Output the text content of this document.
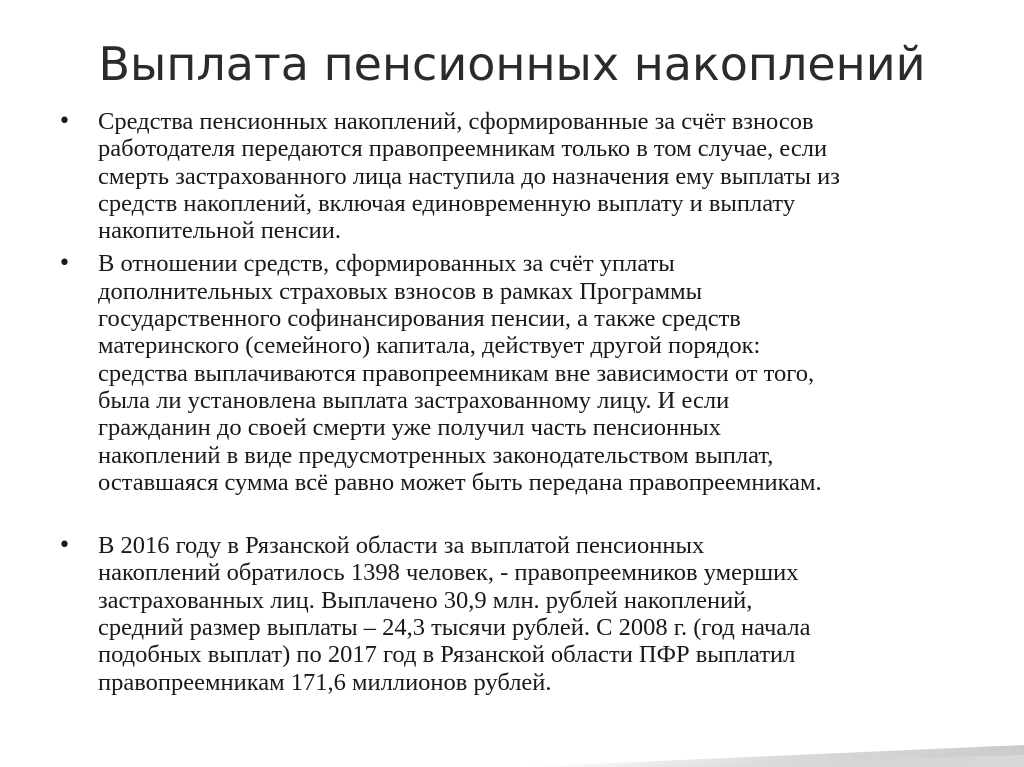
Выплата пенсионных накоплений
•	Средства пенсионных накоплений, сформированные за счёт взносов
работодателя передаются правопреемникам только в том случае, если
смерть застрахованного лица наступила до назначения ему выплаты из
средств накоплений, включая единовременную выплату и выплату
накопительной пенсии.
•	В отношении средств, сформированных за счёт уплаты
дополнительных страховых взносов в рамках Программы
государственного софинансирования пенсии, а также средств
материнского (семейного) капитала, действует другой порядок:
средства выплачиваются правопреемникам вне зависимости от того,
была ли установлена выплата застрахованному лицу. И если
гражданин до своей смерти уже получил часть пенсионных
накоплений в виде предусмотренных законодательством выплат,
оставшаяся сумма всё равно может быть передана правопреемникам.
•	В 2016 году в Рязанской области за выплатой пенсионных
накоплений обратилось 1398 человек, - правопреемников умерших
застрахованных лиц. Выплачено 30,9 млн. рублей накоплений,
средний размер выплаты – 24,3 тысячи рублей. С 2008 г. (год начала
подобных выплат) по 2017 год в Рязанской области ПФР выплатил
правопреемникам 171,6 миллионов рублей.
